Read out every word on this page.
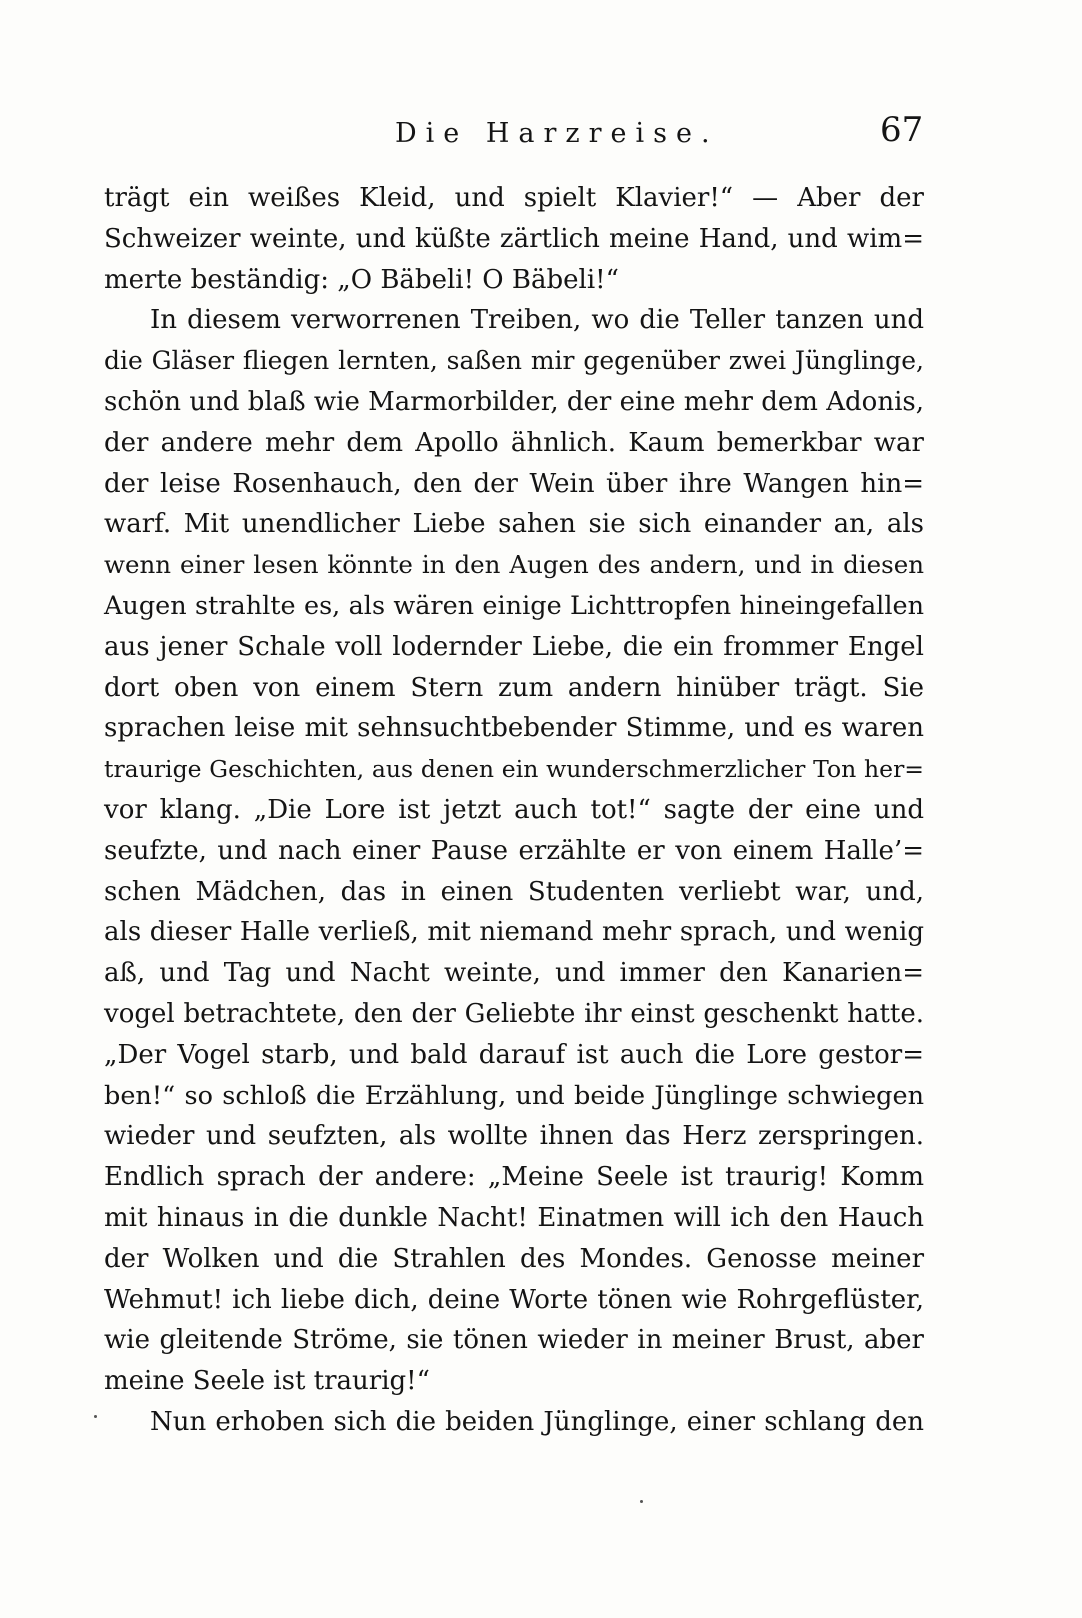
Die Harzreise.	67
trägt ein weißes Kleid, und spielt Klavier!“ — Aber der
Schweizer weinte, und küßte zärtlich meine Hand, und wim=
merte beständig: „O Bäbeli! O Bäbeli!“
In diesem verworrenen Treiben, wo die Teller tanzen und
die Gläser fliegen lernten, saßen mir gegenüber zwei Jünglinge,
schön und blaß wie Marmorbilder, der eine mehr dem Adonis,
der andere mehr dem Apollo ähnlich. Kaum bemerkbar war
der leise Rosenhauch, den der Wein über ihre Wangen hin=
warf. Mit unendlicher Liebe sahen sie sich einander an, als
wenn einer lesen könnte in den Augen des andern, und in diesen
Augen strahlte es, als wären einige Lichttropfen hineingefallen
aus jener Schale voll lodernder Liebe, die ein frommer Engel
dort oben von einem Stern zum andern hinüber trägt. Sie
sprachen leise mit sehnsuchtbebender Stimme, und es waren
traurige Geschichten, aus denen ein wunderschmerzlicher Ton her=
vor klang. „Die Lore ist jetzt auch tot!“ sagte der eine und
seufzte, und nach einer Pause erzählte er von einem Halle’=
schen Mädchen, das in einen Studenten verliebt war, und,
als dieser Halle verließ, mit niemand mehr sprach, und wenig
aß, und Tag und Nacht weinte, und immer den Kanarien=
vogel betrachtete, den der Geliebte ihr einst geschenkt hatte.
„Der Vogel starb, und bald darauf ist auch die Lore gestor=
ben!“ so schloß die Erzählung, und beide Jünglinge schwiegen
wieder und seufzten, als wollte ihnen das Herz zerspringen.
Endlich sprach der andere: „Meine Seele ist traurig! Komm
mit hinaus in die dunkle Nacht! Einatmen will ich den Hauch
der Wolken und die Strahlen des Mondes. Genosse meiner
Wehmut! ich liebe dich, deine Worte tönen wie Rohrgeflüster,
wie gleitende Ströme, sie tönen wieder in meiner Brust, aber
meine Seele ist traurig!“
Nun erhoben sich die beiden Jünglinge, einer schlang den
